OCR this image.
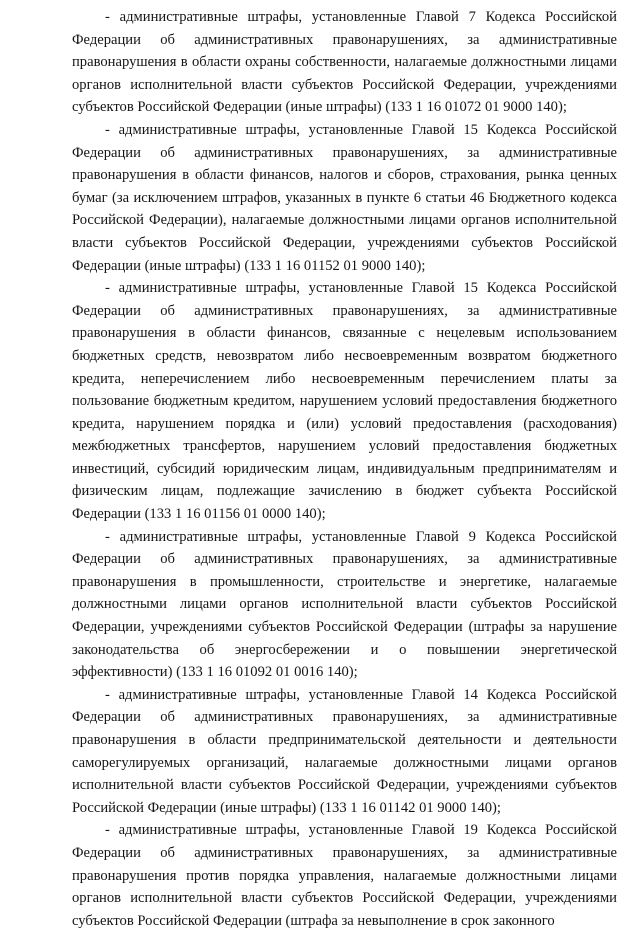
- административные штрафы, установленные Главой 7 Кодекса Российской Федерации об административных правонарушениях, за административные правонарушения в области охраны собственности, налагаемые должностными лицами органов исполнительной власти субъектов Российской Федерации, учреждениями субъектов Российской Федерации (иные штрафы) (133 1 16 01072 01 9000 140);

- административные штрафы, установленные Главой 15 Кодекса Российской Федерации об административных правонарушениях, за административные правонарушения в области финансов, налогов и сборов, страхования, рынка ценных бумаг (за исключением штрафов, указанных в пункте 6 статьи 46 Бюджетного кодекса Российской Федерации), налагаемые должностными лицами органов исполнительной власти субъектов Российской Федерации, учреждениями субъектов Российской Федерации (иные штрафы) (133 1 16 01152 01 9000 140);

- административные штрафы, установленные Главой 15 Кодекса Российской Федерации об административных правонарушениях, за административные правонарушения в области финансов, связанные с нецелевым использованием бюджетных средств, невозвратом либо несвоевременным возвратом бюджетного кредита, неперечислением либо несвоевременным перечислением платы за пользование бюджетным кредитом, нарушением условий предоставления бюджетного кредита, нарушением порядка и (или) условий предоставления (расходования) межбюджетных трансфертов, нарушением условий предоставления бюджетных инвестиций, субсидий юридическим лицам, индивидуальным предпринимателям и физическим лицам, подлежащие зачислению в бюджет субъекта Российской Федерации (133 1 16 01156 01 0000 140);

- административные штрафы, установленные Главой 9 Кодекса Российской Федерации об административных правонарушениях, за административные правонарушения в промышленности, строительстве и энергетике, налагаемые должностными лицами органов исполнительной власти субъектов Российской Федерации, учреждениями субъектов Российской Федерации (штрафы за нарушение законодательства об энергосбережении и о повышении энергетической эффективности) (133 1 16 01092 01 0016 140);

- административные штрафы, установленные Главой 14 Кодекса Российской Федерации об административных правонарушениях, за административные правонарушения в области предпринимательской деятельности и деятельности саморегулируемых организаций, налагаемые должностными лицами органов исполнительной власти субъектов Российской Федерации, учреждениями субъектов Российской Федерации (иные штрафы) (133 1 16 01142 01 9000 140);

- административные штрафы, установленные Главой 19 Кодекса Российской Федерации об административных правонарушениях, за административные правонарушения против порядка управления, налагаемые должностными лицами органов исполнительной власти субъектов Российской Федерации, учреждениями субъектов Российской Федерации (штрафа за невыполнение в срок законного
